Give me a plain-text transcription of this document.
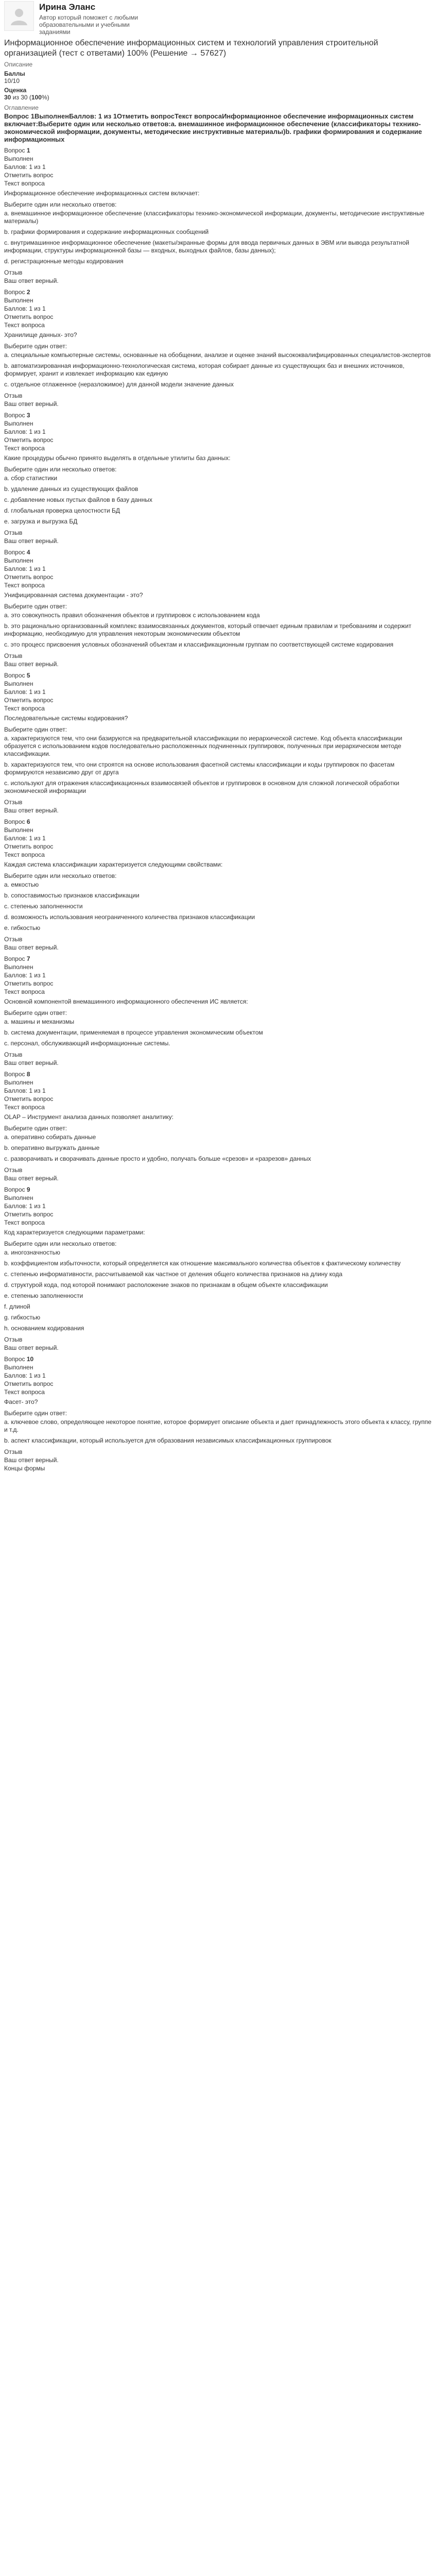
Ирина Эланс
Автор который поможет с любыми образовательными и учебными заданиями
Информационное обеспечение информационных систем и технологий управления строительной организацией (тест с ответами) 100% (Решение → 57627)
Описание
Баллы
10/10
Оценка
30 из 30 (100%)
Оглавление
Вопрос 1ВыполненБаллов: 1 из 1Отметить вопросТекст вопросаИнформационное обеспечение информационных систем включает:Выберите один или несколько ответов:a. внемашинное информационное обеспечение (классификаторы технико-экономической информации, документы, методические инструктивные материалы)b. графики формирования и содержание информационных
Вопрос 1
Выполнен
Баллов: 1 из 1
Отметить вопрос
Текст вопроса
Информационное обеспечение информационных систем включает:
Выберите один или несколько ответов:
a. внемашинное информационное обеспечение (классификаторы технико-экономической информации, документы, методические инструктивные материалы)
b. графики формирования и содержание информационных сообщений
c. внутримашинное информационное обеспечение (макеты/экранные формы для ввода первичных данных в ЭВМ или вывода результатной информации, структуры информационной базы — входных, выходных файлов, базы данных);
d. регистрационные методы кодирования
Отзыв
Ваш ответ верный.
Вопрос 2
Выполнен
Баллов: 1 из 1
Отметить вопрос
Текст вопроса
Хранилище данных- это?
Выберите один ответ:
a. специальные компьютерные системы, основанные на обобщении, анализе и оценке знаний высококвалифицированных специалистов-экспертов
b. автоматизированная информационно-технологическая система, которая собирает данные из существующих баз и внешних источников, формирует, хранит и извлекает информацию как единую
c. отдельное отлаженное (неразложимое) для данной модели значение данных
Отзыв
Ваш ответ верный.
Вопрос 3
Выполнен
Баллов: 1 из 1
Отметить вопрос
Текст вопроса
Какие процедуры обычно принято выделять в отдельные утилиты баз данных:
Выберите один или несколько ответов:
a. сбор статистики
b. удаление данных из существующих файлов
c. добавление новых пустых файлов в базу данных
d. глобальная проверка целостности БД
e. загрузка и выгрузка БД
Отзыв
Ваш ответ верный.
Вопрос 4
Выполнен
Баллов: 1 из 1
Отметить вопрос
Текст вопроса
Унифицированная система документации - это?
Выберите один ответ:
a. это совокупность правил обозначения объектов и группировок с использованием кода
b. это рационально организованный комплекс взаимосвязанных документов, который отвечает единым правилам и требованиям и содержит информацию, необходимую для управления некоторым экономическим объектом
c. это процесс присвоения условных обозначений объектам и классификационным группам по соответствующей системе кодирования
Отзыв
Ваш ответ верный.
Вопрос 5
Выполнен
Баллов: 1 из 1
Отметить вопрос
Текст вопроса
Последовательные системы кодирования?
Выберите один ответ:
a. характеризуются тем, что они базируются на предварительной классификации по иерархической системе. Код объекта классификации образуется с использованием кодов последовательно расположенных подчиненных группировок, полученных при иерархическом методе классификации.
b. характеризуются тем, что они строятся на основе использования фасетной системы классификации и коды группировок по фасетам формируются независимо друг от друга
c. используют для отражения классификационных взаимосвязей объектов и группировок в основном для сложной логической обработки экономической информации
Отзыв
Ваш ответ верный.
Вопрос 6
Выполнен
Баллов: 1 из 1
Отметить вопрос
Текст вопроса
Каждая система классификации характеризуется следующими свойствами:
Выберите один или несколько ответов:
a. емкостью
b. сопоставимостью признаков классификации
c. степенью заполненности
d. возможность использования неограниченного количества признаков классификации
e. гибкостью
Отзыв
Ваш ответ верный.
Вопрос 7
Выполнен
Баллов: 1 из 1
Отметить вопрос
Текст вопроса
Основной компонентой внемашинного информационного обеспечения ИС является:
Выберите один ответ:
a. машины и механизмы
b. система документации, применяемая в процессе управления экономическим объектом
c. персонал, обслуживающий информационные системы.
Отзыв
Ваш ответ верный.
Вопрос 8
Выполнен
Баллов: 1 из 1
Отметить вопрос
Текст вопроса
OLAP – Инструмент анализа данных позволяет аналитику:
Выберите один ответ:
a. оперативно собирать данные
b. оперативно выгружать данные
c. разворачивать и сворачивать данные просто и удобно, получать больше «срезов» и «разрезов» данных
Отзыв
Ваш ответ верный.
Вопрос 9
Выполнен
Баллов: 1 из 1
Отметить вопрос
Текст вопроса
Код характеризуется следующими параметрами:
Выберите один или несколько ответов:
a. иногозначностью
b. коэффициентом избыточности, который определяется как отношение максимального количества объектов к фактическому количеству
c. степенью информативности, рассчитываемой как частное от деления общего количества признаков на длину кода
d. структурой кода, под которой понимают расположение знаков по признакам в общем объекте классификации
e. степенью заполненности
f. длиной
g. гибкостью
h. основанием кодирования
Отзыв
Ваш ответ верный.
Вопрос 10
Выполнен
Баллов: 1 из 1
Отметить вопрос
Текст вопроса
Фасет- это?
Выберите один ответ:
a. ключевое слово, определяющее некоторое понятие, которое формирует описание объекта и дает принадлежность этого объекта к классу, группе и т.д.
b. аспект классификации, который используется для образования независимых классификационных группировок
Отзыв
Ваш ответ верный.
Концы формы
